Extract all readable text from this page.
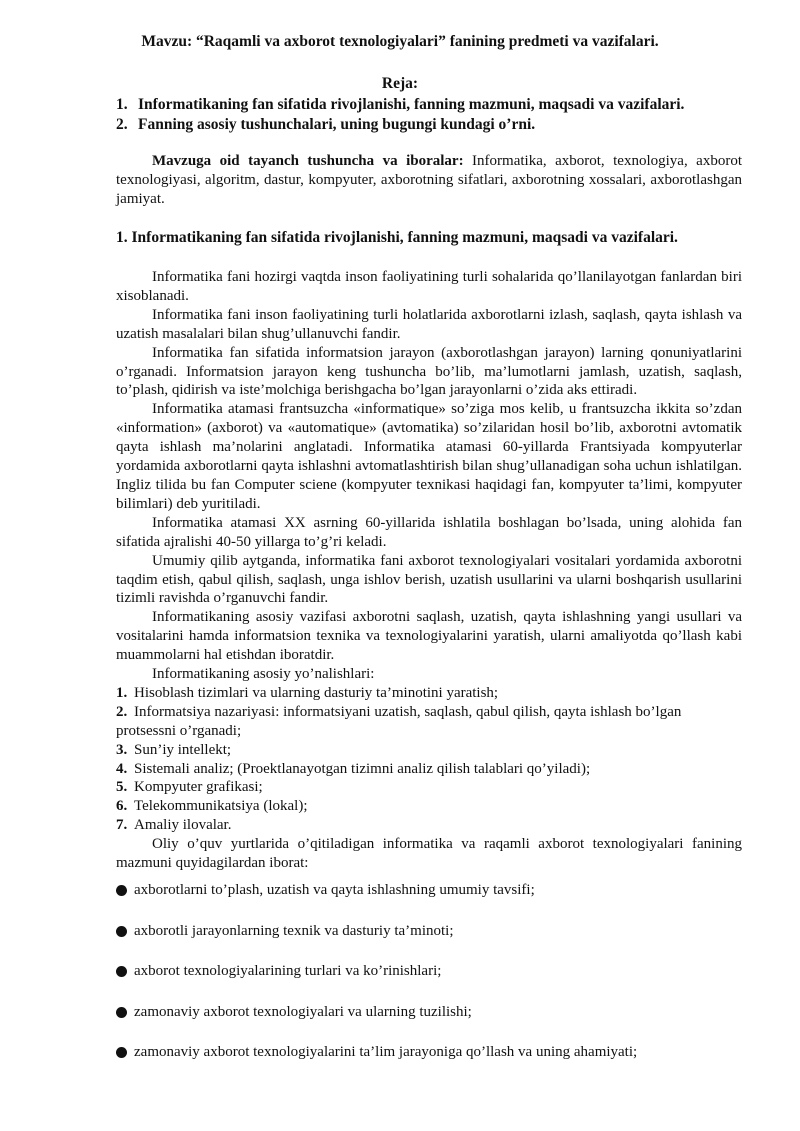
Mavzu: “Raqamli va axborot texnologiyalari” fanining predmeti va vazifalari.
Reja:
1. Informatikaning fan sifatida rivojlanishi, fanning mazmuni, maqsadi va vazifalari.
2. Fanning asosiy tushunchalari, uning bugungi kundagi o’rni.

Mavzuga oid tayanch tushuncha va iboralar: Informatika, axborot, texnologiya, axborot texnologiyasi, algoritm, dastur, kompyuter, axborotning sifatlari, axborotning xossalari, axborotlashgan jamiyat.

1. Informatikaning fan sifatida rivojlanishi, fanning mazmuni, maqsadi va vazifalari.

Informatika fani hozirgi vaqtda inson faoliyatining turli sohalarida qo’llanilayotgan fanlardan biri xisoblanadi.

Informatika fani inson faoliyatining turli holatlarida axborotlarni izlash, saqlash, qayta ishlash va uzatish masalalari bilan shug’ullanuvchi fandir.

Informatika fan sifatida informatsion jarayon (axborotlashgan jarayon) larning qonuniyatlarini o’rganadi. Informatsion jarayon keng tushuncha bo’lib, ma’lumotlarni jamlash, uzatish, saqlash, to’plash, qidirish va iste’molchiga berishgacha bo’lgan jarayonlarni o’zida aks ettiradi.

Informatika atamasi frantsuzcha «informatique» so’ziga mos kelib, u frantsuzcha ikkita so’zdan «information» (axborot) va «automatique» (avtomatika) so’zilaridan hosil bo’lib, axborotni avtomatik qayta ishlash ma’nolarini anglatadi. Informatika atamasi 60-yillarda Frantsiyada kompyuterlar yordamida axborotlarni qayta ishlashni avtomatlashtirish bilan shug’ullanadigan soha uchun ishlatilgan. Ingliz tilida bu fan Computer sciene (kompyuter texnikasi haqidagi fan, kompyuter ta’limi, kompyuter bilimlari) deb yuritiladi.

Informatika atamasi XX asrning 60-yillarida ishlatila boshlagan bo’lsada, uning alohida fan sifatida ajralishi 40-50 yillarga to’g’ri keladi.

Umumiy qilib aytganda, informatika fani axborot texnologiyalari vositalari yordamida axborotni taqdim etish, qabul qilish, saqlash, unga ishlov berish, uzatish usullarini va ularni boshqarish usullarini tizimli ravishda o’rganuvchi fandir.

Informatikaning asosiy vazifasi axborotni saqlash, uzatish, qayta ishlashning yangi usullari va vositalarini hamda informatsion texnika va texnologiyalarini yaratish, ularni amaliyotda qo’llash kabi muammolarni hal etishdan iboratdir.

Informatikaning asosiy yo’nalishlari:

1. Hisoblash tizimlari va ularning dasturiy ta’minotini yaratish;
2. Informatsiya nazariyasi: informatsiyani uzatish, saqlash, qabul qilish, qayta ishlash bo’lgan
protsessni o’rganadi;
3. Sun’iy intellekt;
4. Sistemali analiz; (Proektlanayotgan tizimni analiz qilish talablari qo’yiladi);
5. Kompyuter grafikasi;
6. Telekommunikatsiya (lokal);
7. Amaliy ilovalar.

Oliy o’quv yurtlarida o’qitiladigan informatika va raqamli axborot texnologiyalari fanining mazmuni quyidagilardan iborat:

axborotlarni to’plash, uzatish va qayta ishlashning umumiy tavsifi;
axborotli jarayonlarning texnik va dasturiy ta’minoti;
axborot texnologiyalarining turlari va ko’rinishlari;
zamonaviy axborot texnologiyalari va ularning tuzilishi;
zamonaviy axborot texnologiyalarini ta’lim jarayoniga qo’llash va uning ahamiyati;
